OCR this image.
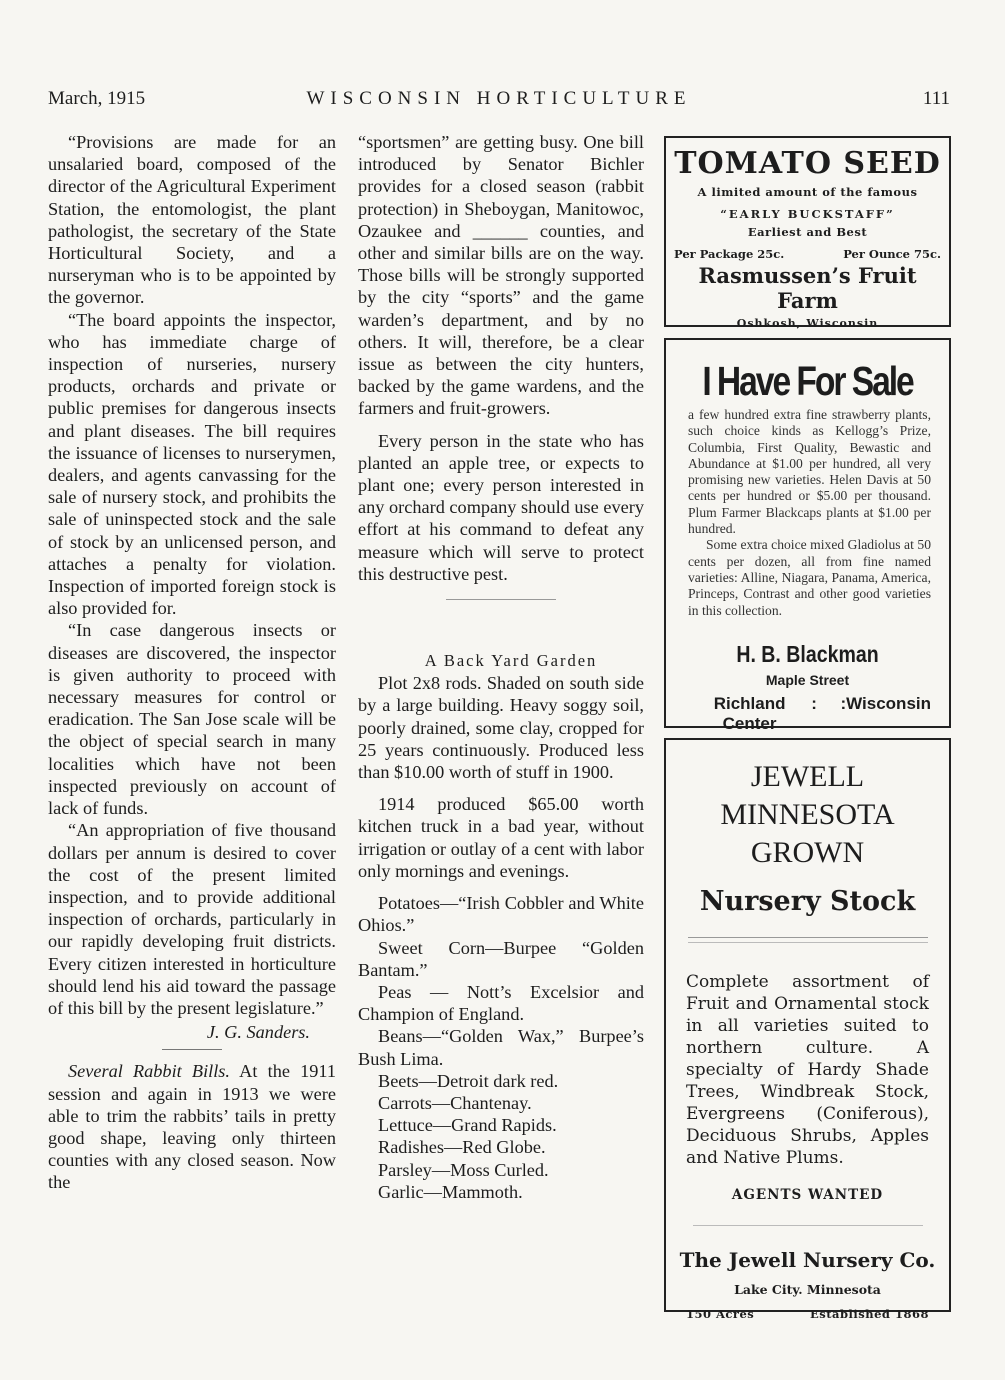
March, 1915	WISCONSIN HORTICULTURE	111

“Provisions are made for an unsalaried board, composed of the director of the Agricultural Experiment Station, the entomologist, the plant pathologist, the secretary of the State Horticultural Society, and a nurseryman who is to be appointed by the governor.

“The board appoints the inspector, who has immediate charge of inspection of nurseries, nursery products, orchards and private or public premises for dangerous insects and plant diseases. The bill requires the issuance of licenses to nurserymen, dealers, and agents canvassing for the sale of nursery stock, and prohibits the sale of uninspected stock and the sale of stock by an unlicensed person, and attaches a penalty for violation. Inspection of imported foreign stock is also provided for.

“In case dangerous insects or diseases are discovered, the inspector is given authority to proceed with necessary measures for control or eradication. The San Jose scale will be the object of special search in many localities which have not been inspected previously on account of lack of funds.

“An appropriation of five thousand dollars per annum is desired to cover the cost of the present limited inspection, and to provide additional inspection of orchards, particularly in our rapidly developing fruit districts. Every citizen interested in horticulture should lend his aid toward the passage of this bill by the present legislature.”

J. G. Sanders.

Several Rabbit Bills. At the 1911 session and again in 1913 we were able to trim the rabbits’ tails in pretty good shape, leaving only thirteen counties with any closed season. Now the

“sportsmen” are getting busy. One bill introduced by Senator Bichler provides for a closed season (rabbit protection) in Sheboygan, Manitowoc, Ozaukee and ______ counties, and other and similar bills are on the way. Those bills will be strongly supported by the city “sports” and the game warden’s department, and by no others. It will, therefore, be a clear issue as between the city hunters, backed by the game wardens, and the farmers and fruit-growers.

Every person in the state who has planted an apple tree, or expects to plant one; every person interested in any orchard company should use every effort at his command to defeat any measure which will serve to protect this destructive pest.

A Back Yard Garden

Plot 2x8 rods. Shaded on south side by a large building. Heavy soggy soil, poorly drained, some clay, cropped for 25 years continuously. Produced less than $10.00 worth of stuff in 1900.

1914 produced $65.00 worth kitchen truck in a bad year, without irrigation or outlay of a cent with labor only mornings and evenings.

Potatoes—“Irish Cobbler and White Ohios.”

Sweet Corn—Burpee “Golden Bantam.”

Peas — Nott’s Excelsior and Champion of England.

Beans—“Golden Wax,” Burpee’s Bush Lima.

Beets—Detroit dark red.

Carrots—Chantenay.

Lettuce—Grand Rapids.

Radishes—Red Globe.

Parsley—Moss Curled.

Garlic—Mammoth.

TOMATO SEED
A limited amount of the famous
“EARLY BUCKSTAFF”
Earliest and Best
Per Package 25c.	Per Ounce 75c.
Rasmussen’s Fruit Farm
Oshkosh, Wisconsin
I Have For Sale

a few hundred extra fine strawberry plants, such choice kinds as Kellogg’s Prize, Columbia, First Quality, Bewastic and Abundance at $1.00 per hundred, all very promising new varieties. Helen Davis at 50 cents per hundred or $5.00 per thousand. Plum Farmer Blackcaps plants at $1.00 per hundred.

Some extra choice mixed Gladiolus at 50 cents per dozen, all from fine named varieties: Alline, Niagara, Panama, America, Princeps, Contrast and other good varieties in this collection.

H. B. Blackman
Maple Street
Richland Center
:     : Wisconsin
JEWELL
MINNESOTA
GROWN
Nursery Stock
Complete assortment of Fruit and Ornamental stock in all varieties suited to northern culture. A specialty of Hardy Shade Trees, Windbreak Stock, Evergreens (Coniferous), Deciduous Shrubs, Apples and Native Plums.
AGENTS WANTED
The Jewell Nursery Co.
Lake City. Minnesota
150 Acres	Established 1868
